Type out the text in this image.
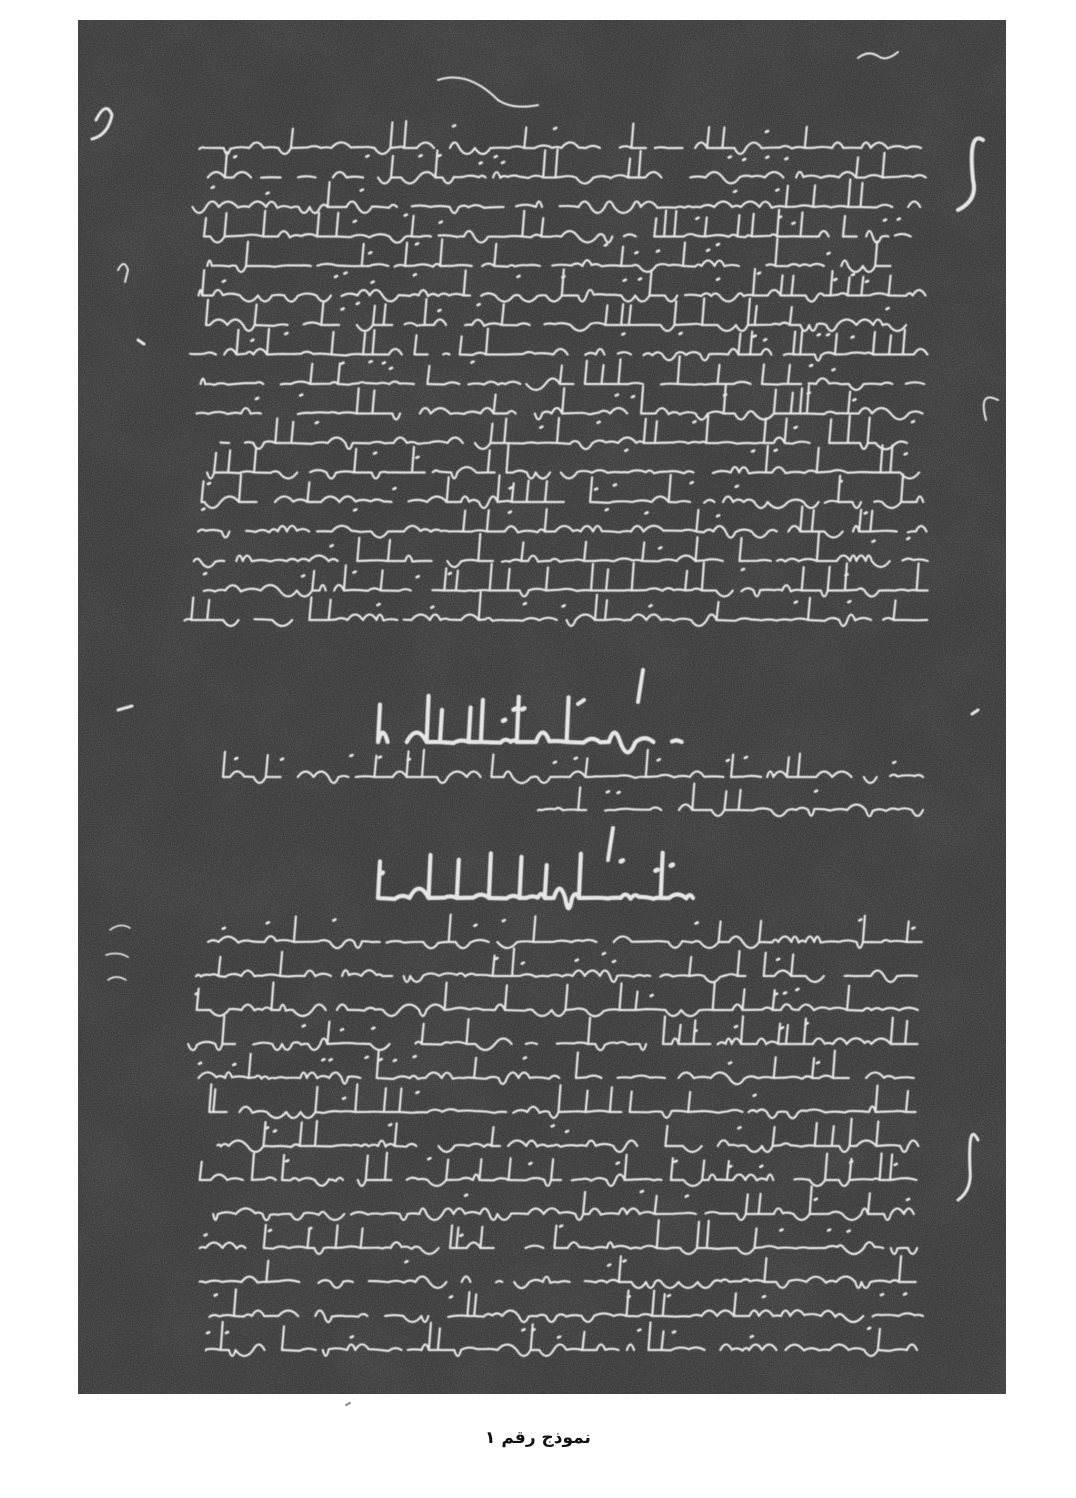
نموذج رقم ١
